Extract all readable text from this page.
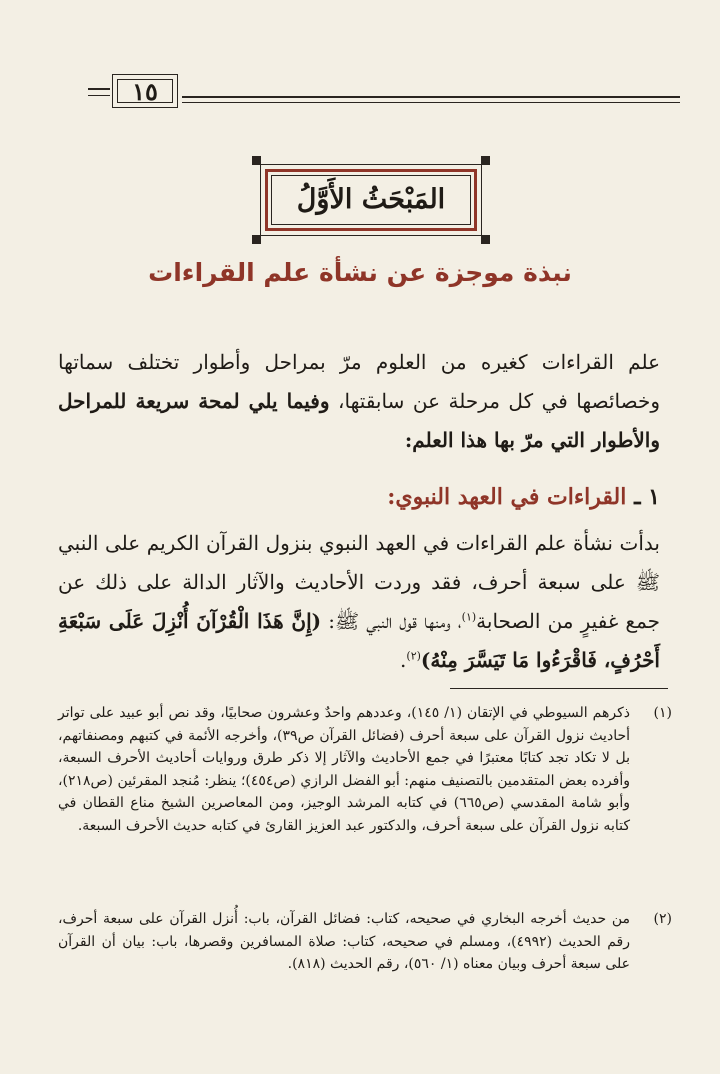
١٥
المَبْحَثُ الأَوَّلُ
نبذة موجزة عن نشأة علم القراءات
علم القراءات كغيره من العلوم مرّ بمراحل وأطوار تختلف سماتها وخصائصها في كل مرحلة عن سابقتها، وفيما يلي لمحة سريعة للمراحل والأطوار التي مرّ بها هذا العلم:
١ ـ القراءات في العهد النبوي:
بدأت نشأة علم القراءات في العهد النبوي بنزول القرآن الكريم على النبي ﷺ على سبعة أحرف، فقد وردت الأحاديث والآثار الدالة على ذلك عن جمع غفيرٍ من الصحابة$^{(١)}$، ومنها قول النبي ﷺ: (إِنَّ هَذَا الْقُرْآنَ أُنْزِلَ عَلَى سَبْعَةِ أَحْرُفٍ، فَاقْرَءُوا مَا تَيَسَّرَ مِنْهُ)$^{(٢)}$.
(١)
ذكرهم السيوطي في الإتقان (١/ ١٤٥)، وعددهم واحدٌ وعشرون صحابيًا، وقد نص أبو عبيد على تواتر أحاديث نزول القرآن على سبعة أحرف (فضائل القرآن ص٣٩)، وأخرجه الأئمة في كتبهم ومصنفاتهم، بل لا تكاد تجد كتابًا معتبرًا في جمع الأحاديث والآثار إلا ذكر طرق وروايات أحاديث الأحرف السبعة، وأفرده بعض المتقدمين بالتصنيف منهم: أبو الفضل الرازي (ص٤٥٤)؛ ينظر: مُنجد المقرئين (ص٢١٨)، وأبو شامة المقدسي (ص٦٦٥) في كتابه المرشد الوجيز، ومن المعاصرين الشيخ مناع القطان في كتابه نزول القرآن على سبعة أحرف، والدكتور عبد العزيز القارئ في كتابه حديث الأحرف السبعة.
(٢)
من حديث أخرجه البخاري في صحيحه، كتاب: فضائل القرآن، باب: أُنزل القرآن على سبعة أحرف، رقم الحديث (٤٩٩٢)، ومسلم في صحيحه، كتاب: صلاة المسافرين وقصرها، باب: بيان أن القرآن على سبعة أحرف وبيان معناه (١/ ٥٦٠)، رقم الحديث (٨١٨).
